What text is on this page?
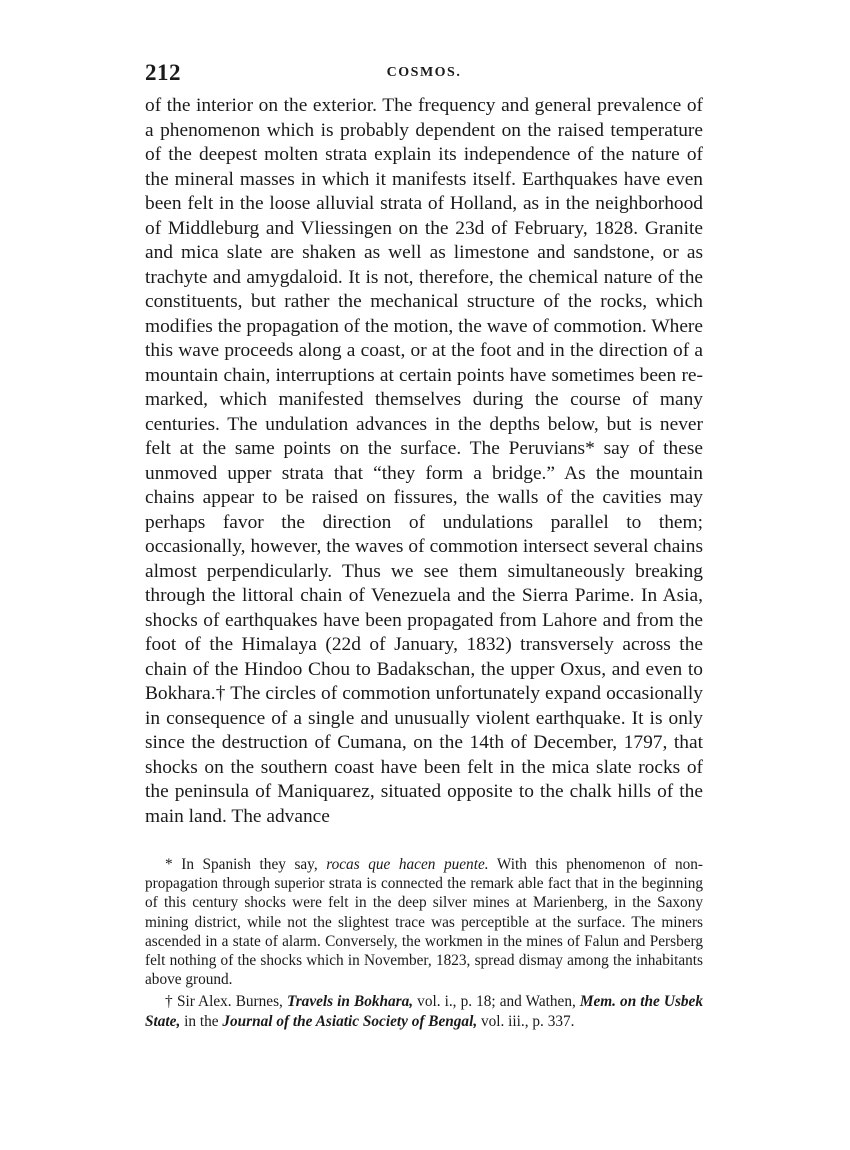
212	COSMOS.

of the interior on the exterior. The frequency and general prevalence of a phenomenon which is probably dependent on the raised temperature of the deepest molten strata explain its independence of the nature of the mineral masses in which it manifests itself. Earthquakes have even been felt in the loose alluvial strata of Holland, as in the neighborhood of Middleburg and Vliessingen on the 23d of February, 1828. Granite and mica slate are shaken as well as limestone and sandstone, or as trachyte and amygdaloid. It is not, therefore, the chemical nature of the constituents, but rather the mechanical structure of the rocks, which modifies the propagation of the motion, the wave of commotion. Where this wave proceeds along a coast, or at the foot and in the direction of a mountain chain, interruptions at certain points have sometimes been remarked, which manifested themselves during the course of many centuries. The undulation advances in the depths below, but is never felt at the same points on the surface. The Peruvians* say of these unmoved upper strata that “they form a bridge.” As the mountain chains appear to be raised on fissures, the walls of the cavities may perhaps favor the direction of undulations parallel to them; occasionally, however, the waves of commotion intersect several chains almost perpendicularly. Thus we see them simultaneously breaking through the littoral chain of Venezuela and the Sierra Parime. In Asia, shocks of earthquakes have been propagated from Lahore and from the foot of the Himalaya (22d of January, 1832) transversely across the chain of the Hindoo Chou to Badakschan, the upper Oxus, and even to Bokhara.† The circles of commotion unfortunately expand occasionally in consequence of a single and unusually violent earthquake. It is only since the destruction of Cumana, on the 14th of December, 1797, that shocks on the southern coast have been felt in the mica slate rocks of the peninsula of Maniquarez, situated opposite to the chalk hills of the main land. The advance

* In Spanish they say, rocas que hacen puente. With this phenomenon of non-propagation through superior strata is connected the remark able fact that in the beginning of this century shocks were felt in the deep silver mines at Marienberg, in the Saxony mining district, while not the slightest trace was perceptible at the surface. The miners ascended in a state of alarm. Conversely, the workmen in the mines of Falun and Persberg felt nothing of the shocks which in November, 1823, spread dismay among the inhabitants above ground.

† Sir Alex. Burnes, Travels in Bokhara, vol. i., p. 18; and Wathen, Mem. on the Usbek State, in the Journal of the Asiatic Society of Bengal, vol. iii., p. 337.
